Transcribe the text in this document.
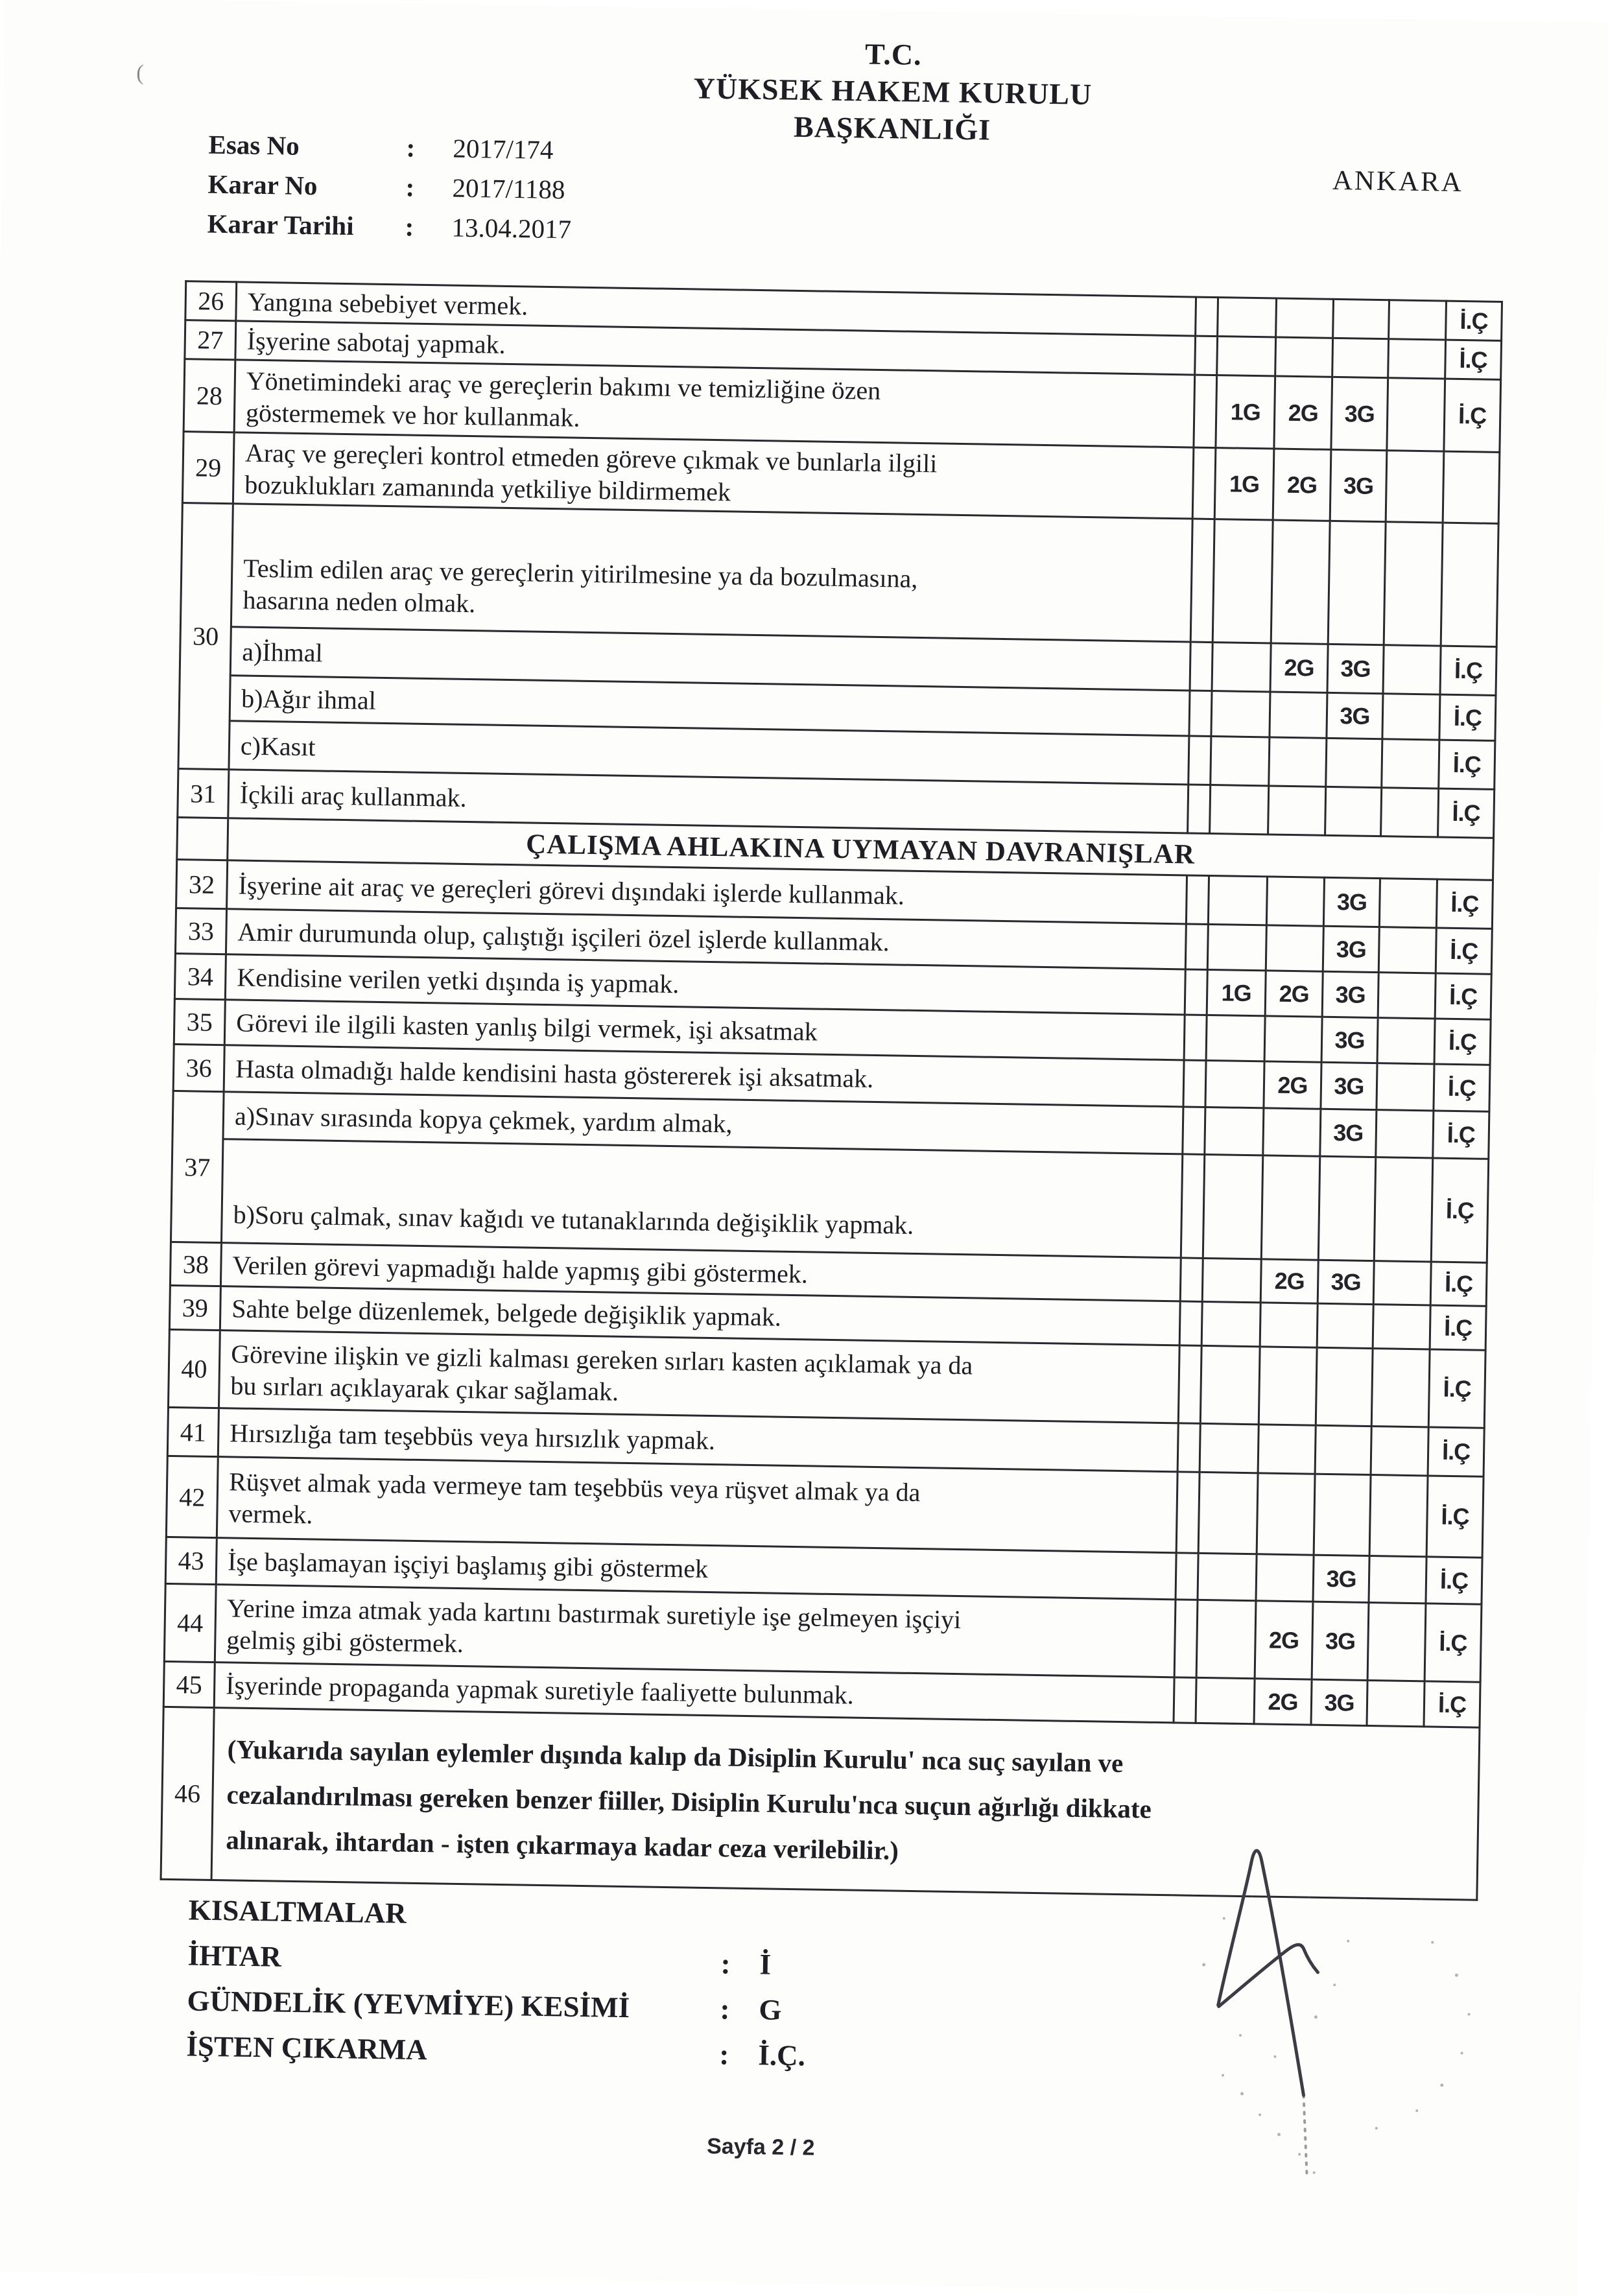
(
T.C.
YÜKSEK HAKEM KURULU
BAŞKANLIĞI
ANKARA
Esas No	:	2017/174
Karar No	:	2017/1188
Karar Tarihi	:	13.04.2017
26	Yangına sebebiyet vermek.						İ.Ç
27	İşyerine sabotaj yapmak.						İ.Ç
28	Yönetimindeki araç ve gereçlerin bakımı ve temizliğine özen
göstermemek ve hor kullanmak.		1G	2G	3G		İ.Ç
29	Araç ve gereçleri kontrol etmeden göreve çıkmak ve bunlarla ilgili
bozuklukları zamanında yetkiliye bildirmemek		1G	2G	3G		
30	Teslim edilen araç ve gereçlerin yitirilmesine ya da bozulmasına,
hasarına neden olmak.						
	a)İhmal			2G	3G		İ.Ç
	b)Ağır ihmal				3G		İ.Ç
	c)Kasıt						İ.Ç
31	İçkili araç kullanmak.						İ.Ç
	ÇALIŞMA AHLAKINA UYMAYAN DAVRANIŞLAR						
32	İşyerine ait araç ve gereçleri görevi dışındaki işlerde kullanmak.				3G		İ.Ç
33	Amir durumunda olup, çalıştığı işçileri özel işlerde kullanmak.				3G		İ.Ç
34	Kendisine verilen yetki dışında iş yapmak.		1G	2G	3G		İ.Ç
35	Görevi ile ilgili kasten yanlış bilgi vermek, işi aksatmak				3G		İ.Ç
36	Hasta olmadığı halde kendisini hasta göstererek işi aksatmak.			2G	3G		İ.Ç
37	a)Sınav sırasında kopya çekmek, yardım almak,				3G		İ.Ç
	b)Soru çalmak, sınav kağıdı ve tutanaklarında değişiklik yapmak.						İ.Ç
38	Verilen görevi yapmadığı halde yapmış gibi göstermek.			2G	3G		İ.Ç
39	Sahte belge düzenlemek, belgede değişiklik yapmak.						İ.Ç
40	Görevine ilişkin ve gizli kalması gereken sırları kasten açıklamak ya da
bu sırları açıklayarak çıkar sağlamak.						İ.Ç
41	Hırsızlığa tam teşebbüs veya hırsızlık yapmak.						İ.Ç
42	Rüşvet almak yada vermeye tam teşebbüs veya rüşvet almak ya da
vermek.						İ.Ç
43	İşe başlamayan işçiyi başlamış gibi göstermek				3G		İ.Ç
44	Yerine imza atmak yada kartını bastırmak suretiyle işe gelmeyen işçiyi
gelmiş gibi göstermek.			2G	3G		İ.Ç
45	İşyerinde propaganda yapmak suretiyle faaliyette bulunmak.			2G	3G		İ.Ç
46	(Yukarıda sayılan eylemler dışında kalıp da Disiplin Kurulu' nca suç sayılan ve
cezalandırılması gereken benzer fiiller, Disiplin Kurulu'nca suçun ağırlığı dikkate
alınarak, ihtardan - işten çıkarmaya kadar ceza verilebilir.)						
KISALTMALAR
İHTAR	: İ
GÜNDELİK (YEVMİYE) KESİMİ	: G
İŞTEN ÇIKARMA	: İ.Ç.
Sayfa 2 / 2
